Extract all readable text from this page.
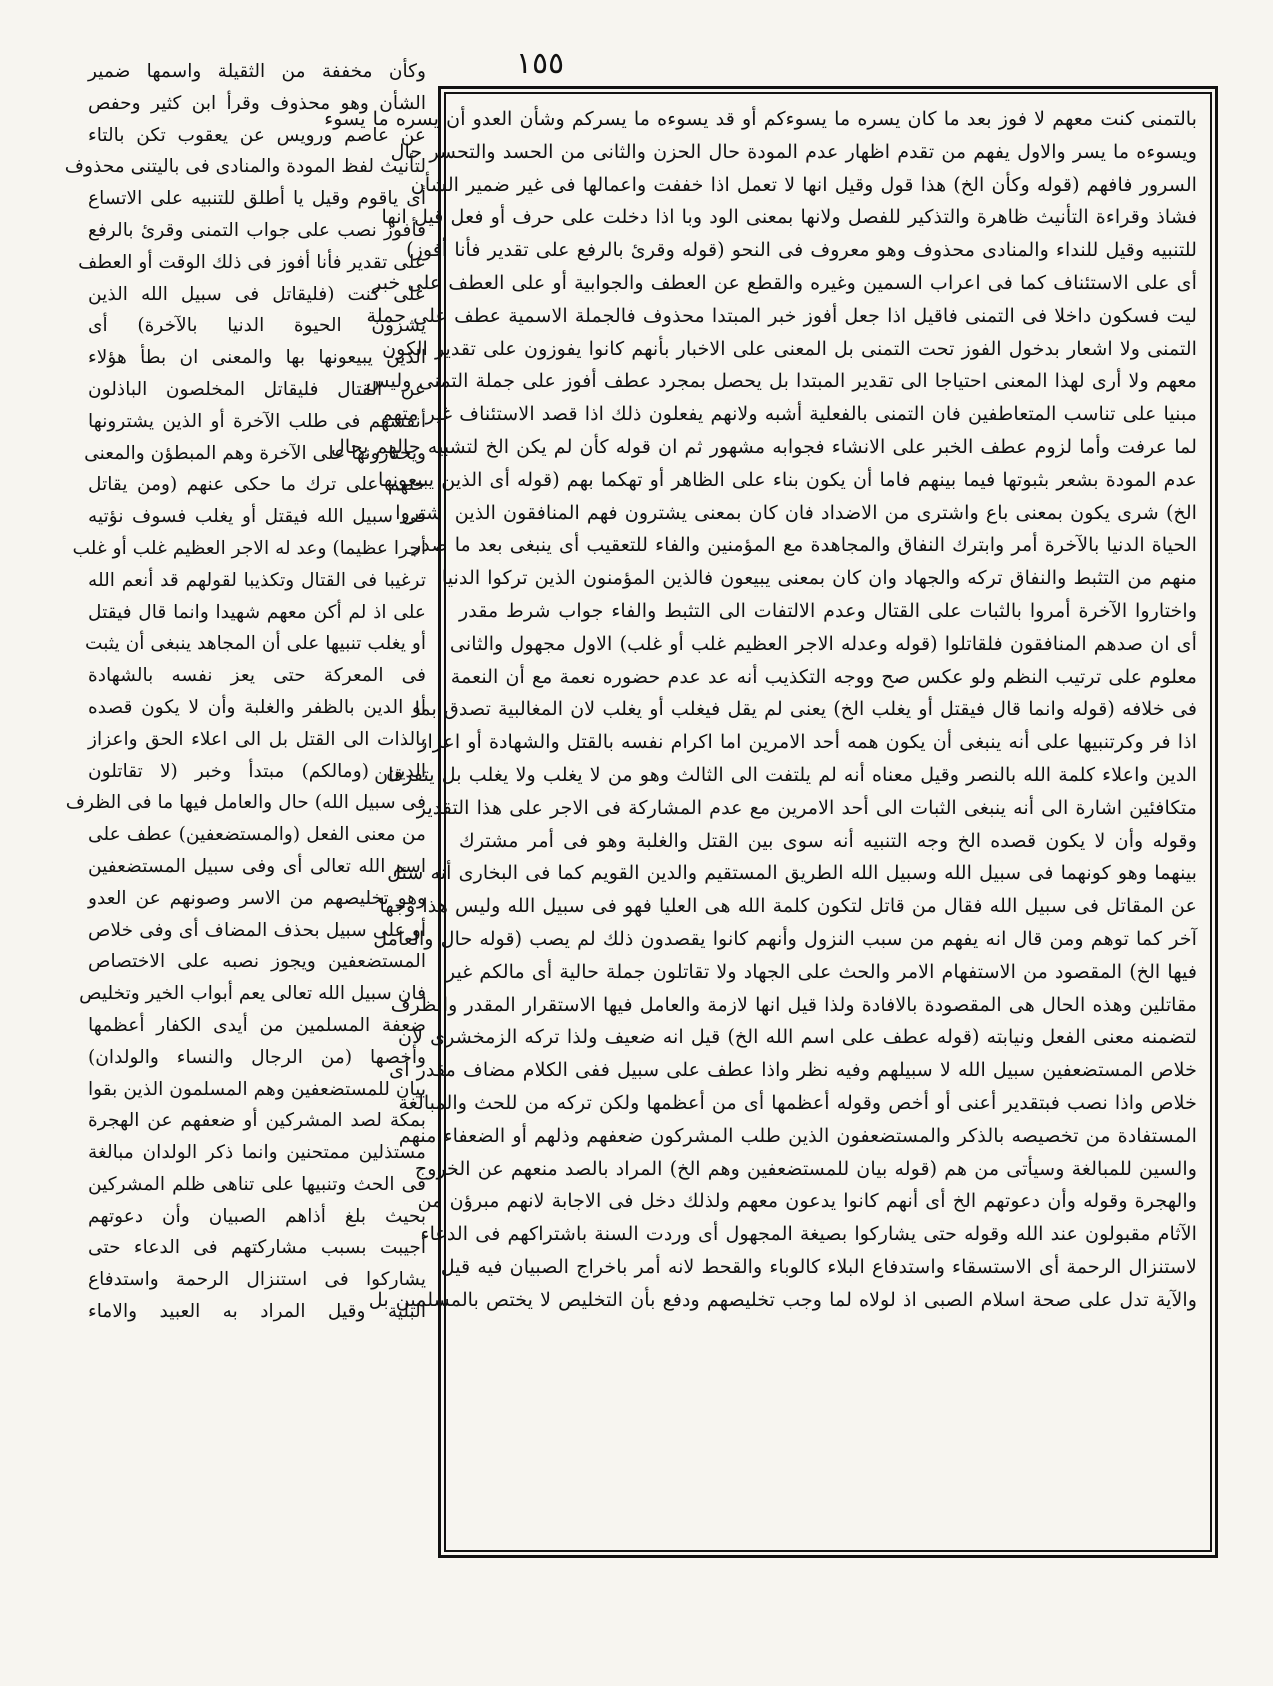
١٥٥
بالتمنى كنت معهم لا فوز بعد ما كان يسره ما يسوءكم أو قد يسوءه ما يسركم وشأن العدو أن يسره ما يسوء
ويسوءه ما يسر والاول يفهم من تقدم اظهار عدم المودة حال الحزن والثانى من الحسد والتحسر حال
السرور فافهم (قوله وكأن الخ) هذا قول وقيل انها لا تعمل اذا خففت واعمالها فى غير ضمير الشأن
فشاذ وقراءة التأنيث ظاهرة والتذكير للفصل ولانها بمعنى الود وبا اذا دخلت على حرف أو فعل قيل انها
للتنبيه وقيل للنداء والمنادى محذوف وهو معروف فى النحو (قوله وقرئ بالرفع على تقدير فأنا أفوز)
أى على الاستئناف كما فى اعراب السمين وغيره والقطع عن العطف والجوابية أو على العطف على خبر
ليت فسكون داخلا فى التمنى فاقيل اذا جعل أفوز خبر المبتدا محذوف فالجملة الاسمية عطف على جملة
التمنى ولا اشعار بدخول الفوز تحت التمنى بل المعنى على الاخبار بأنهم كانوا يفوزون على تقدير الكون
معهم ولا أرى لهذا المعنى احتياجا الى تقدير المبتدا بل يحصل بمجرد عطف أفوز على جملة التمنى وليس
مبنيا على تناسب المتعاطفين فان التمنى بالفعلية أشبه ولانهم يفعلون ذلك اذا قصد الاستئناف غير متهم
لما عرفت وأما لزوم عطف الخبر على الانشاء فجوابه مشهور ثم ان قوله كأن لم يكن الخ لتشبيه حالهم بحال
عدم المودة بشعر بثبوتها فيما بينهم فاما أن يكون بناء على الظاهر أو تهكما بهم (قوله أى الذين يبيعونها
الخ) شرى يكون بمعنى باع واشترى من الاضداد فان كان بمعنى يشترون فهم المنافقون الذين اشتروا
الحياة الدنيا بالآخرة أمر وابترك النفاق والمجاهدة مع المؤمنين والفاء للتعقيب أى ينبغى بعد ما صدر
منهم من التثبط والنفاق تركه والجهاد وان كان بمعنى يبيعون فالذين المؤمنون الذين تركوا الدنيا
واختاروا الآخرة أمروا بالثبات على القتال وعدم الالتفات الى التثبط والفاء جواب شرط مقدر
أى ان صدهم المنافقون فلقاتلوا (قوله وعدله الاجر العظيم غلب أو غلب) الاول مجهول والثانى
معلوم على ترتيب النظم ولو عكس صح ووجه التكذيب أنه عد عدم حضوره نعمة مع أن النعمة
فى خلافه (قوله وانما قال فيقتل أو يغلب الخ) يعنى لم يقل فيغلب أو يغلب لان المغالبية تصدق بما
اذا فر وكرتنبيها على أنه ينبغى أن يكون همه أحد الامرين اما اكرام نفسه بالقتل والشهادة أو اعزاز
الدين واعلاء كلمة الله بالنصر وقيل معناه أنه لم يلتفت الى الثالث وهو من لا يغلب ولا يغلب بل يتفرقان
متكافئين اشارة الى أنه ينبغى الثبات الى أحد الامرين مع عدم المشاركة فى الاجر على هذا التقدير
وقوله وأن لا يكون قصده الخ وجه التنبيه أنه سوى بين القتل والغلبة وهو فى أمر مشترك
بينهما وهو كونهما فى سبيل الله وسبيل الله الطريق المستقيم والدين القويم كما فى البخارى أنه سئل
عن المقاتل فى سبيل الله فقال من قاتل لتكون كلمة الله هى العليا فهو فى سبيل الله وليس هذا وجها
آخر كما توهم ومن قال انه يفهم من سبب النزول وأنهم كانوا يقصدون ذلك لم يصب (قوله حال والعامل
فيها الخ) المقصود من الاستفهام الامر والحث على الجهاد ولا تقاتلون جملة حالية أى مالكم غير
مقاتلين وهذه الحال هى المقصودة بالافادة ولذا قيل انها لازمة والعامل فيها الاستقرار المقدر والظرف
لتضمنه معنى الفعل ونيابته (قوله عطف على اسم الله الخ) قيل انه ضعيف ولذا تركه الزمخشرى لان
خلاص المستضعفين سبيل الله لا سبيلهم وفيه نظر واذا عطف على سبيل ففى الكلام مضاف مقدر أى
خلاص واذا نصب فبتقدير أعنى أو أخص وقوله أعظمها أى من أعظمها ولكن تركه من للحث والمبالغة
المستفادة من تخصيصه بالذكر والمستضعفون الذين طلب المشركون ضعفهم وذلهم أو الضعفاء منهم
والسين للمبالغة وسيأتى من هم (قوله بيان للمستضعفين وهم الخ) المراد بالصد منعهم عن الخروج
والهجرة وقوله وأن دعوتهم الخ أى أنهم كانوا يدعون معهم ولذلك دخل فى الاجابة لانهم مبرؤن من
الآثام مقبولون عند الله وقوله حتى يشاركوا بصيغة المجهول أى وردت السنة باشتراكهم فى الدعاء
لاستنزال الرحمة أى الاستسقاء واستدفاع البلاء كالوباء والقحط لانه أمر باخراج الصبيان فيه قيل
والآية تدل على صحة اسلام الصبى اذ لولاه لما وجب تخليصهم ودفع بأن التخليص لا يختص بالمسلمين بل
وكأن مخففة من الثقيلة واسمها ضمير
الشأن وهو محذوف وقرأ ابن كثير وحفص
عن عاصم ورويس عن يعقوب تكن بالتاء
لتأنيث لفظ المودة والمنادى فى باليتنى محذوف
أى ياقوم وقيل يا أطلق للتنبيه على الاتساع
فأفوز نصب على جواب التمنى وقرئ بالرفع
على تقدير فأنا أفوز فى ذلك الوقت أو العطف
على كنت (فليقاتل فى سبيل الله الذين
يشرون الحيوة الدنيا بالآخرة) أى
الذين يبيعونها بها والمعنى ان بطأ هؤلاء
عن القتال فليقاتل المخلصون الباذلون
أنفسهم فى طلب الآخرة أو الذين يشترونها
ويختارونها على الآخرة وهم المبطؤن والمعنى
حثهم على ترك ما حكى عنهم (ومن يقاتل
فى سبيل الله فيقتل أو يغلب فسوف نؤتيه
أجرا عظيما) وعد له الاجر العظيم غلب أو غلب
ترغيبا فى القتال وتكذيبا لقولهم قد أنعم الله
على اذ لم أكن معهم شهيدا وانما قال فيقتل
أو يغلب تنبيها على أن المجاهد ينبغى أن يثبت
فى المعركة حتى يعز نفسه بالشهادة
أو الدين بالظفر والغلبة وأن لا يكون قصده
بالذات الى القتل بل الى اعلاء الحق واعزاز
الدين (ومالكم) مبتدأ وخبر (لا تقاتلون
فى سبيل الله) حال والعامل فيها ما فى الظرف
من معنى الفعل (والمستضعفين) عطف على
اسم الله تعالى أى وفى سبيل المستضعفين
وهو تخليصهم من الاسر وصونهم عن العدو
أو على سبيل بحذف المضاف أى وفى خلاص
المستضعفين ويجوز نصبه على الاختصاص
فان سبيل الله تعالى يعم أبواب الخير وتخليص
ضعفة المسلمين من أيدى الكفار أعظمها
وأخصها (من الرجال والنساء والولدان)
بيان للمستضعفين وهم المسلمون الذين بقوا
بمكة لصد المشركين أو ضعفهم عن الهجرة
مستذلين ممتحنين وانما ذكر الولدان مبالغة
فى الحث وتنبيها على تناهى ظلم المشركين
بحيث بلغ أذاهم الصبيان وأن دعوتهم
أجيبت بسبب مشاركتهم فى الدعاء حتى
يشاركوا فى استنزال الرحمة واستدفاع
البلية وقيل المراد به العبيد والاماء
